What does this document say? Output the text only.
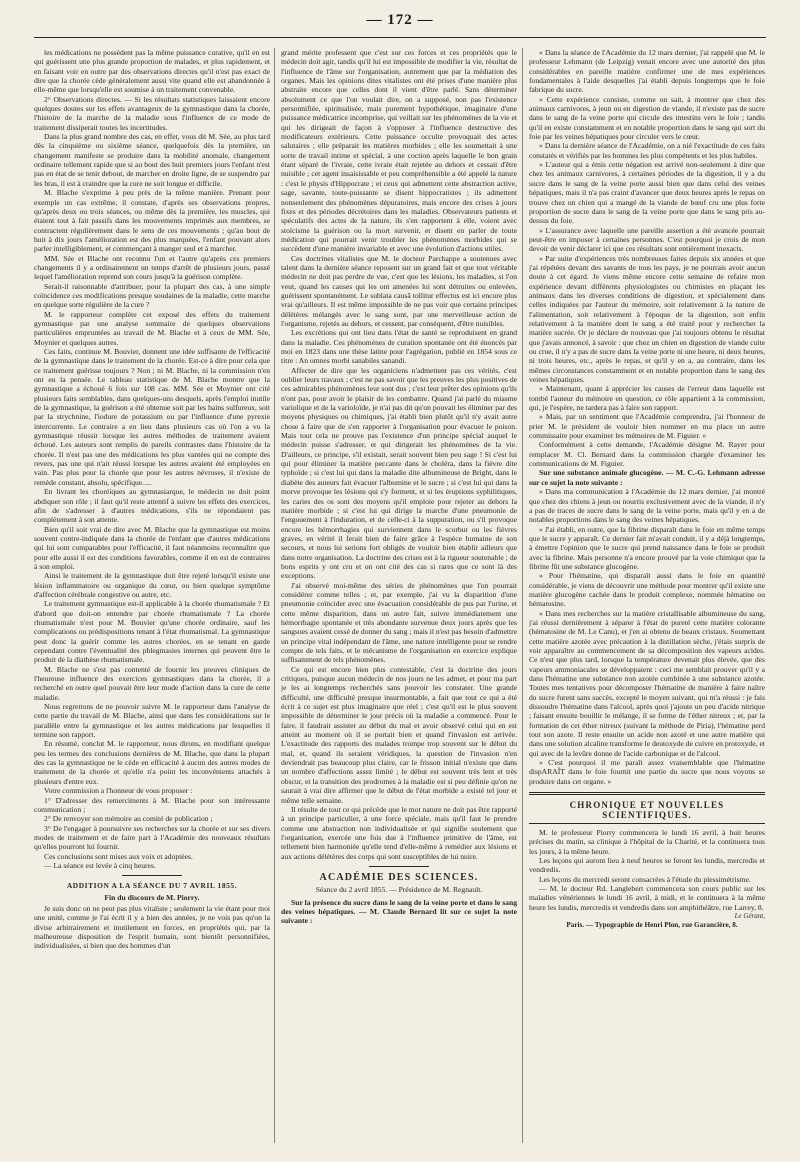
— 172 —

les médications ne possèdent pas la même puissance curative, qu'il en est qui guérissent une plus grande proportion de malades, et plus rapidement, et en faisant voir en outre par des observations directes qu'il n'est pas exact de dire que la chorée cède généralement aussi vite quand elle est abandonnée à elle-même que lorsqu'elle est soumise à un traitement convenable.

2° Observations directes. — Si les résultats statistiques laissaient encore quelques doutes sur les effets avantageux de la gymnastique dans la chorée, l'histoire de la marche de la maladie sous l'influence de ce mode de traitement dissiperait toutes les incertitudes.

Dans la plus grand nombre des cas, en effet, vous dit M. Sée, au plus tard dès la cinquième ou sixième séance, quelquefois dès la première, un changement manifeste se produire dans la mobilité anomale, changement ordinaire tellement rapide que si au bout des huit premiers jours l'enfant n'est pas en état de se tenir debout, de marcher en droite ligne, de se suspendre par les bras, il est à craindre que la cure ne soit longue et difficile.

M. Blache s'exprime à peu près de la même manière. Prenant pour exemple un cas extrême, il constate, d'après ses observations propres, qu'après deux ou trois séances, ou même dès la première, les muscles, qui étaient tout à fait passifs dans les mouvements imprimés aux membres, se contractent régulièrement dans le sens de ces mouvements ; qu'au bout de huit à dix jours l'amélioration est des plus marquées, l'enfant pouvant alors parler intelligiblement, et commençant à manger seul et à marcher.

MM. Sée et Blache ont reconnu l'un et l'autre qu'après ces premiers changements il y a ordinairement un temps d'arrêt de plusieurs jours, passé lequel l'amélioration reprend son cours jusqu'à la guérison complète.

Serait-il raisonnable d'attribuer, pour la plupart des cas, à une simple coïncidence ces modifications presque soudaines de la maladie, cette marche en quelque sorte régulière de la cure ?

M. le rapporteur complète cet exposé des effets du traitement gymnastique par une analyse sommaire de quelques observations particulières empruntées au travail de M. Blache et à ceux de MM. Sée, Moynier et quelques autres.

Ces faits, continue M. Bouvier, donnent une idée suffisante de l'efficacité de la gymnastique dans le traitement de la chorée. Est-ce à dire pour cela que ce traitement guérisse toujours ? Non ; ni M. Blache, ni la commission n'en ont eu la pensée. Le tableau statistique de M. Blache montre que la gymnastique a échoué 6 fois sur 108 cas. MM. Sée et Moynier ont cité plusieurs faits semblables, dans quelques-uns desquels, après l'emploi inutile de la gymnastique, la guérison a été obtenue soit par les bains sulfureux, soit par la strychnine, l'iodure de potassium ou par l'influence d'une pyrexie intercurrente. Le contraire a eu lieu dans plusieurs cas où l'on a vu la gymnastique réussir lorsque les autres méthodes de traitement avaient échoué. Les auteurs sont remplis de pareils contrastes dans l'histoire de la chorée. Il n'est pas une des médications les plus vantées qui ne compte des revers, pas une qui n'ait réussi lorsque les autres avaient été employées en vain. Pas plus pour la chorée que pour les autres névroses, il n'existe de remède constant, absolu, spécifique.....

En livrant les choréiques au gymnasiarque, le médecin ne doit point abdiquer son rôle ; il faut qu'il reste attentif à suivre les effets des exercices, afin de s'adresser à d'autres médications, s'ils ne répondaient pas complètement à son attente.

Bien qu'il soit vrai de dire avec M. Blache que la gymnastique est moins souvent contre-indiquée dans la chorée de l'enfant que d'autres médications qui lui sont comparables pour l'efficacité, il faut néanmoins reconnaître que pour elle aussi il est des conditions favorables, comme il en est de contraires à son emploi.

Ainsi le traitement de la gymnastique doit être rejeté lorsqu'il existe une lésion inflammatoire ou organique du cœur, ou bien quelque symptôme d'affection cérébrale congestive ou autre, etc.

Le traitement gymnastique est-il applicable à la chorée rhumatismale ? Et d'abord que doit-on entendre par chorée rhumatismale ? La chorée rhumatismale n'est pour M. Bouvier qu'une chorée ordinaire, sauf les complications ou prédispositions tenant à l'état rhumatismal. La gymnastique peut donc la guérir comme les autres chorées, en se tenant en garde cependant contre l'éventualité des phlegmasies internes qui peuvent être le produit de la diathèse rhumatismale.

M. Blache ne s'est pas contenté de fournir les preuves cliniques de l'heureuse influence des exercices gymnastiques dans la chorée, il a recherché en outre quel pouvait être leur mode d'action dans la cure de cette maladie.

Nous regrettons de ne pouvoir suivre M. le rapporteur dans l'analyse de cette partie du travail de M. Blache, ainsi que dans les considérations sur le parallèle entre la gymnastique et les autres médications par lesquelles il termine son rapport.

En résumé, conclut M. le rapporteur, nous dirons, en modifiant quelque peu les termes des conclusions dernières de M. Blache, que dans la plupart des cas la gymnastique ne le cède en efficacité à aucun des autres modes de traitement de la chorée et qu'elle n'a point les inconvénients attachés à plusieurs d'entre eux.

Votre commission a l'honneur de vous proposer :

1° D'adresser des remerciments à M. Blache pour son intéressante communication ;

2° De renvoyer son mémoire au comité de publication ;

3° De l'engager à poursuivre ses recherches sur la chorée et sur ses divers modes de traitement et de faire part à l'Académie des nouveaux résultats qu'elles pourront lui fournir.

Ces conclusions sont mises aux voix et adoptées.

— La séance est levée à cinq heures.

ADDITION A LA SÉANCE DU 7 AVRIL 1855.

Fin du discours de M. Piorry.

Je suis donc on ne peut pas plus vitaliste ; seulement la vie étant pour moi une unité, comme je l'ai écrit il y a bien des années, je ne vois pas qu'on la divise arbitrairement et inutilement en forces, en propriétés qui, par la malheureuse disposition de l'esprit humain, sont bientôt personnifiées, individualisées, si bien que des hommes d'un

grand mérite professent que c'est sur ces forces et ces propriétés que le médecin doit agir, tandis qu'il lui est impossible de modifier la vie, résultat de l'influence de l'âme sur l'organisation, autrement que par la médiation des organes. Mais les opinions dites vitalistes ont été prises d'une manière plus abstraite encore que celles dont il vient d'être parlé. Sans déterminer absolument ce que l'on voulait dire, on a supposé, non pas l'existence personnifiée, spiritualisée, mais purement hypothétique, imaginaire d'une puissance médicatrice incomprise, qui veillait sur les phénomènes de la vie et qui les dirigeait de façon à s'opposer à l'influence destructive des modificateurs extérieurs. Cette puissance occulte provoquait des actes salutaires ; elle préparait les matières morbides ; elle les soumettait à une sorte de travail intime et spécial, à une coction après laquelle le bon grain étant séparé de l'ivraie, cette ivraie était rejetée au dehors et cessait d'être nuisible ; cet agent insaisissable et peu compréhensible a été appelé la nature : c'est le physis d'Hippocrate ; et ceux qui admettent cette abstraction active, sage, savante, toute-puissante se disent hippocratistes ; ils admettent nonseulement des phénomènes dépuratoires, mais encore des crises à jours fixes et des périodes décrétoires dans les maladies. Observateurs patients et spéculatifs des actes de la nature, ils s'en rapportent à elle, voient avec stoïcisme la guérison ou la mort survenir, et disent en parler de toute médication qui pourrait venir troubler les phénomènes morbides qui se succèdent d'une manière invariable et avec une évolution d'actions utiles.

Ces doctrines vitalistes que M. le docteur Parchappe a soutenues avec talent dans la dernière séance reposent sur un grand fait et que tout véritable médecin ne doit pas perdre de vue, c'est que les lésions, les maladies, si l'on veut, quand les causes qui les ont amenées lui sont détruites ou enlevées, guérissent spontanément. Le sublata causâ tollitur effectus est ici encore plus vrai qu'ailleurs. Il est même impossible de ne pas voir que certains principes délétères mélangés avec le sang sont, par une merveilleuse action de l'organisme, rejetés au dehors, et cessent, par conséquent, d'être nuisibles.

Les excrétions qui ont lieu dans l'état de santé se reproduisent en grand dans la maladie. Ces phénomènes de curation spontanée ont été énoncés par moi en 1823 dans une thèse latine pour l'agrégation, publié en 1854 sous ce titre : An omnes morbi sanabiles sanandi.

Affecter de dire que les organiciens n'admettent pas ces vérités, c'est oublier leurs travaux ; c'est ne pas savoir que les preuves les plus positives de ces admirables phénomènes leur sont dus ; c'est leur prêter des opinions qu'ils n'ont pas, pour avoir le plaisir de les combattre. Quand j'ai parlé du miasme variolique et de la varioloïde, je n'ai pas dit qu'on pouvait les éliminer par des moyens physiques ou chimiques, j'ai établi bien plutôt qu'il n'y avait autre chose à faire que de s'en rapporter à l'organisation pour évacuer le poison. Mais tout cela ne prouve pas l'existence d'un principe spécial auquel le médecin puisse s'adresser, et qui dirigerait les phénomènes de la vie. D'ailleurs, ce principe, s'il existait, serait souvent bien peu sage ! Si c'est lui qui pour éliminer la matière peccante dans le choléra, dans la fièvre dite typhoïde ; si c'est lui qui dans la maladie dite albumineuse de Bright, dans le diabète des auteurs fait évacuer l'albumine et le sucre ; si c'est lui qui dans la morve provoque les lésions qui s'y forment, et si les éruptions syphilitiques, les caries des os sont des moyens qu'il emploie pour rejeter au dehors la matière morbide ; si c'est lui qui dirige la marche d'une pneumonie de l'engouement à l'induration, et de celle-ci à la suppuration, ou s'il provoque encore les hémorrhagies qui surviennent dans le scorbut ou les fièvres graves, en vérité il ferait bien de faire grâce à l'espèce humaine de son secours, et nous lui serions fort obligés de vouloir bien établir ailleurs que dans notre organisation. La doctrine des crises est à la rigueur soutenable ; de bons esprits y ont cru et on ont cité des cas si rares que ce sont là des exceptions.

J'ai observé moi-même des séries de phénomènes que l'on pourrait considérer comme telles ; et, par exemple, j'ai vu la disparition d'une pneumonie coïncider avec une évacuation considérable de pus par l'urine, et cette même disparition, dans un autre fait, suivre immédiatement une hémorrhagie spontanée et très abondante survenue deux jours après que les sangsues avaient cessé de donner du sang ; mais il n'est pas besoin d'admettre un principe vital indépendant de l'âme, une nature intelligente pour se rendre compte de tels faits, et le mécanisme de l'organisation en exercice explique suffisamment de tels phénomènes.

Ce qui est encore bien plus contestable, c'est la doctrine des jours critiques, puisque aucun médecin de nos jours ne les admet, et pour ma part je les ai longtemps recherchés sans pouvoir les constater. Une grande difficulté, une difficulté presque insurmontable, a fait que tout ce qui a été écrit à ce sujet est plus imaginaire que réel ; c'est qu'il est le plus souvent impossible de déterminer le jour précis où la maladie a commencé. Pour le faire, il faudrait assister au début du mal et avoir observé celui qui en est atteint au moment où il se portait bien et quand l'invasion est arrivée. L'exactitude des rapports des malades trompe trop souvent sur le début du mal, et, quand ils seraient véridiques, la question de l'invasion n'en deviendrait pas beaucoup plus claire, car le frisson initial n'existe que dans un nombre d'affections assez limité ; le début est souvent très lent et très obscur, et la transition des prodromes à la maladie est si peu définie qu'on ne saurait à vrai dire affirmer que le début de l'état morbide a existé tel jour et même telle semaine.

Il résulte de tout ce qui précède que le mot nature ne doit pas être rapporté à un principe particulier, à une force spéciale, mais qu'il faut le prendre comme une abstraction non individualisée et qui signifie seulement que l'organisation, exercée une fois due à l'influence primitive de l'âme, est tellement bien harmoniée qu'elle tend d'elle-même à remédier aux lésions et aux actions délétères des corps qui sont susceptibles de lui nuire.

ACADÉMIE DES SCIENCES.

Séance du 2 avril 1855. — Présidence de M. Regnault.

Sur la présence du sucre dans le sang de la veine porte et dans le sang des veines hépatiques. — M. Claude Bernard lit sur ce sujet la note suivante :

« Dans la séance de l'Académie du 12 mars dernier, j'ai rappelé que M. le professeur Lehmann (de Leipzig) venait encore avec une autorité des plus considérables en pareille matière confirmer une de mes expériences fondamentales à l'aide desquelles j'ai établi depuis longtemps que le foie fabrique du sucre.

» Cette expérience consiste, comme on sait, à montrer que chez des animaux carnivores, à jeun ou en digestion de viande, il n'existe pas de sucre dans le sang de la veine porte qui circule des intestins vers le foie ; tandis qu'il en existe constamment et en notable proportion dans le sang qui sort du foie par les veines hépatiques pour circuler vers le cœur.

» Dans la dernière séance de l'Académie, on a nié l'exactitude de ces faits constatés et vérifiés par les hommes les plus compétents et les plus habiles.

» L'auteur qui a émis cette négation est arrivé non-seulement à dire que chez les animaux carnivores, à certaines périodes de la digestion, il y a du sucre dans le sang de la veine porte aussi bien que dans celui des veines hépatiques, mais il n'a pas craint d'avancer que deux heures après le repas on trouve chez un chien qui a mangé de la viande de bœuf cru une plus forte proportion de sucre dans le sang de la veine porte que dans le sang pris au-dessus du foie.

» L'assurance avec laquelle une pareille assertion a été avancée pourrait peut-être en imposer à certaines personnes. C'est pourquoi je crois de mon devoir de venir déclarer ici que ces résultats sont entièrement inexacts.

» Par suite d'expériences très nombreuses faites depuis six années et que j'ai répétées devant des savants de tous les pays, je ne pourrais avoir aucun doute à cet égard. Je viens même encore cette semaine de refaire mon expérience devant différents physiologistes ou chimistes en plaçant les animaux dans les diverses conditions de digestion, et spécialement dans celles indiquées par l'auteur du mémoire, soit relativement à la nature de l'alimentation, soit relativement à l'époque de la digestion, soit enfin relativement à la manière dont le sang a été traité pour y rechercher la matière sucrée. Or je déclare de nouveau que j'ai toujours obtenu le résultat que j'avais annoncé, à savoir : que chez un chien en digestion de viande cuite ou crue, il n'y a pas de sucre dans la veine porte ni une heure, ni deux heures, ni trois heures, etc., après le repas, et qu'il y en a, au contraire, dans les mêmes circonstances constamment et en notable proportion dans le sang des veines hépatiques.

» Maintenant, quant à apprécier les causes de l'erreur dans laquelle est tombé l'auteur du mémoire en question, ce rôle appartient à la commission, qui, je l'espère, ne tardera pas à faire son rapport.

» Mais, par un sentiment que l'Académie comprendra, j'ai l'honneur de prier M. le président de vouloir bien nommer en ma place un autre commissaire pour examiner les mémoires de M. Figuier. »

Conformément à cette demande, l'Académie désigne M. Rayer pour remplacer M. Cl. Bernard dans la commission chargée d'examiner les communications de M. Figuier.

Sur une substance animale glucogène. — M. C.-G. Lehmann adresse sur ce sujet la note suivante :

« Dans ma communication à l'Académie du 12 mars dernier, j'ai montré que chez des chiens à jeun ou nourris exclusivement avec de la viande, il n'y a pas de traces de sucre dans le sang de la veine porte, mais qu'il y en a de notables proportions dans le sang des veines hépatiques.

» J'ai établi, en outre, que la fibrine disparaît dans le foie en même temps que le sucre y apparaît. Ce dernier fait m'avait conduit, il y a déjà longtemps, à émettre l'opinion que le sucre qui prend naissance dans le foie se produit avec la fibrine. Mais personne n'a encore prouvé par la voie chimique que la fibrine fût une substance glucogène.

» Pour l'hématine, qui disparaît aussi dans le foie en quantité considérable, je viens de découvrir une méthode pour montrer qu'il existe une matière glucogène cachée dans le produit complexe, nommée hématine ou hématosine.

» Dans mes recherches sur la matière cristallisable albumineuse du sang, j'ai réussi dernièrement à séparer à l'état de pureté cette matière colorante (hématosine de M. Le Canu), et j'en ai obtenu de beaux cristaux. Soumettant cette matière azotée avec précaution à la distillation sèche, j'étais surpris de voir apparaître au commencement de sa décomposition des vapeurs acides. Ce n'est que plus tard, lorsque la température devenait plus élevée, que des vapeurs ammoniacales se développaient : ceci me semblait prouver qu'il y a dans l'hématine une substance non azotée combinée à une substance azotée. Toutes mes tentatives pour décomposer l'hématine de manière à faire naître du sucre furent sans succès, excepté le moyen suivant, qui m'a réussi : je fais dissoudre l'hématine dans l'alcool, après quoi j'ajoute un peu d'acide nitrique ; faisant ensuite bouillir le mélange, il se forme de l'éther nitreux ; et, par la formation de cet éther nitreux (suivant la méthode de Piria), l'hématine perd tout son azote. Il reste ensuite un acide non azoté et une autre matière qui dans une solution alcaline transforme le deutoxyde de cuivre en protoxyde, et qui avec de la levûre donne de l'acide carbonique et de l'alcool.

» C'est pourquoi il me paraît assez vraisemblable que l'hématine dispARAÎT dans le foie fournit une partie du sucre que nous voyons se produire dans cet organe. »

CHRONIQUE ET NOUVELLES SCIENTIFIQUES.

M. le professeur Piorry commencera le lundi 16 avril, à huit heures précises du matin, sa clinique à l'hôpital de la Charité, et la continuera tous les jours, à la même heure.

Les leçons qui auront lieu à neuf heures se feront les lundis, mercredis et vendredis.

Les leçons du mercredi seront consacrées à l'étude du plessimétrisme.

— M. le docteur Rd. Langlebert commencera son cours public sur les maladies vénériennes le lundi 16 avril, à midi, et le continuera à la même heure les lundis, mercredis et vendredis dans son amphithéâtre, rue Larrey, 8.

Le Gérant,

Paris. — Typographie de Henri Plon, rue Garancière, 8.
